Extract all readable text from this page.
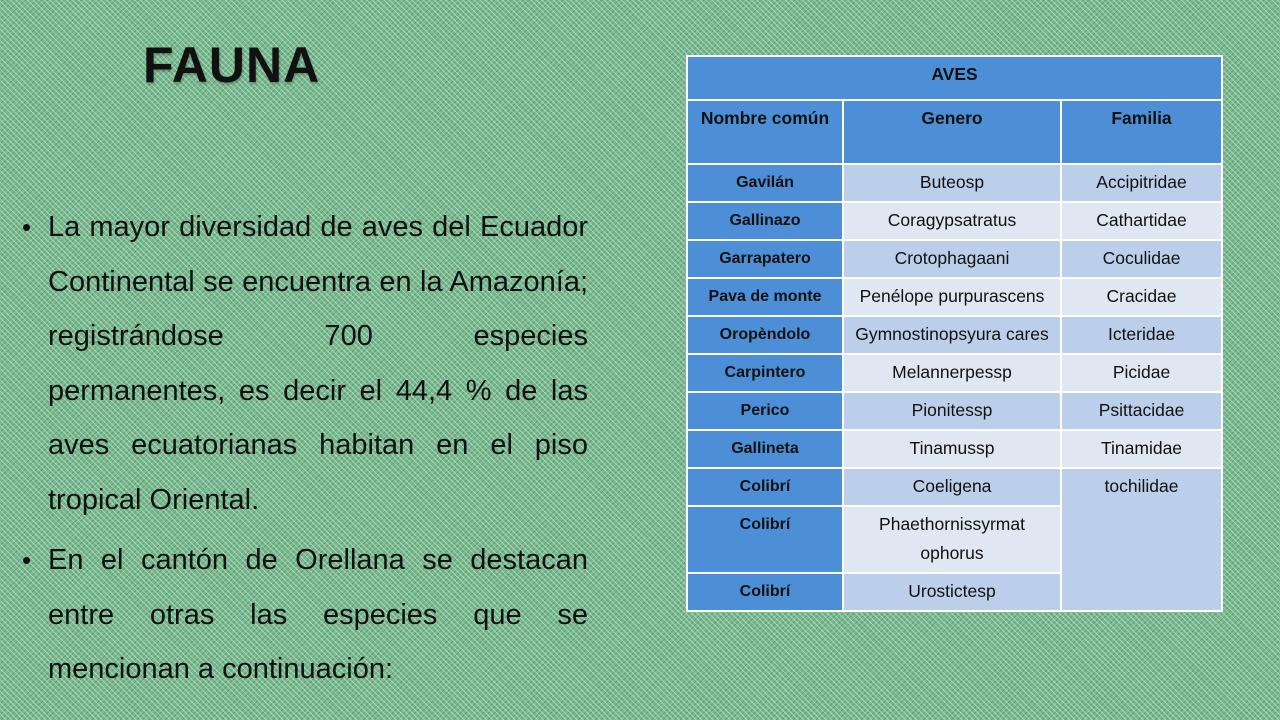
FAUNA
• La mayor diversidad de aves del Ecuador Continental se encuentra en la Amazonía; registrándose 700 especies permanentes, es decir el 44,4 % de las aves ecuatorianas habitan en el piso tropical Oriental.
• En el cantón de Orellana se destacan entre otras las especies que se mencionan a continuación:
AVES		
Nombre común	Genero	Familia
Gavilán	Buteosp	Accipitridae
Gallinazo	Coragypsatratus	Cathartidae
Garrapatero	Crotophagaani	Coculidae
Pava de monte	Penélope purpurascens	Cracidae
Oropèndolo	Gymnostinopsyura cares	Icteridae
Carpintero	Melannerpessp	Picidae
Perico	Pionitessp	Psittacidae
Gallineta	Tinamussp	Tinamidae
Colibrí	Coeligena	tochilidae
Colibrí	Phaethornissyrmat ophorus	
Colibrí	Urostictesp	
